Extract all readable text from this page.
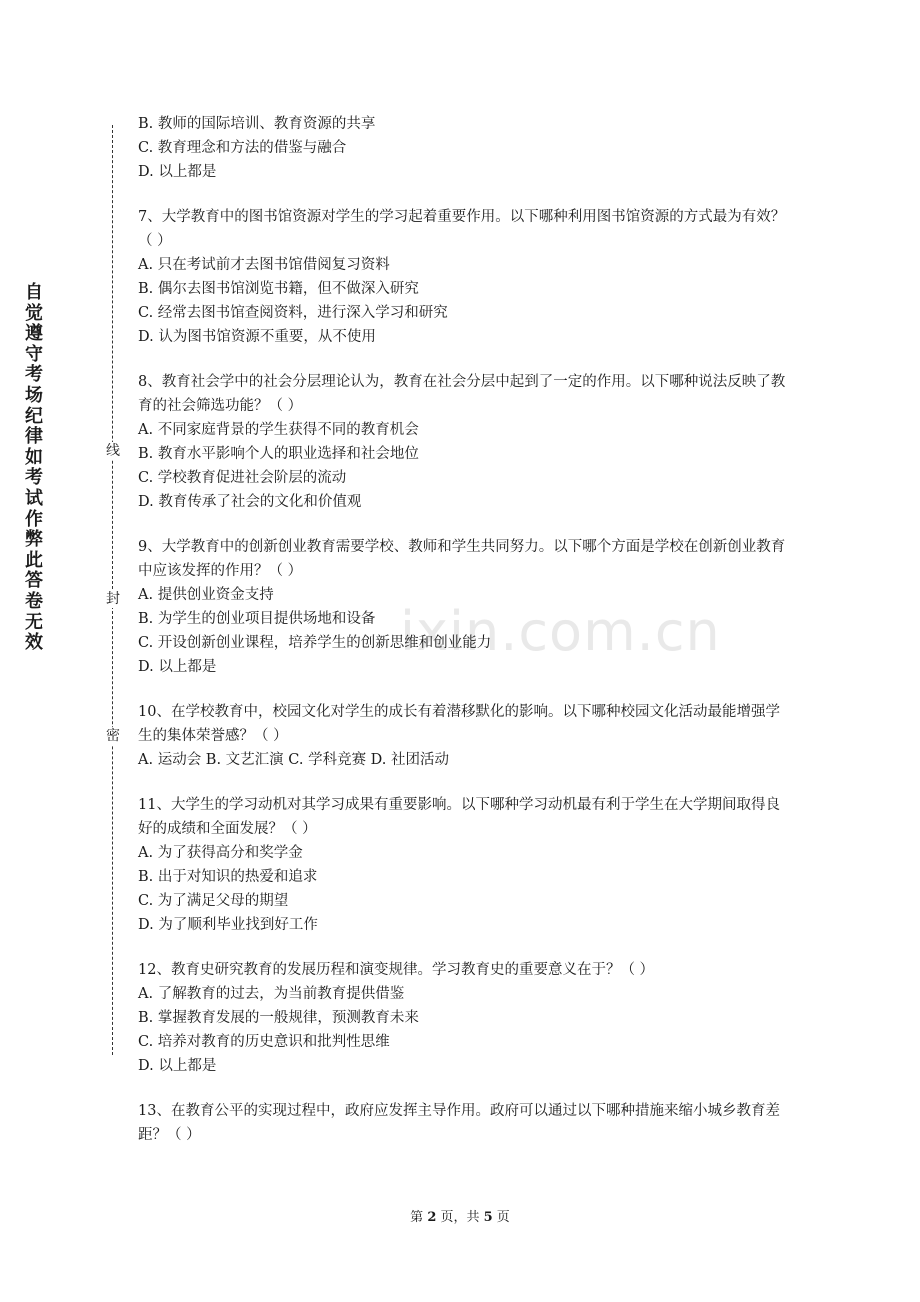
自觉遵守考场纪律如考试作弊此答卷无效
线
封
密
ixin.com.cn
B. 教师的国际培训、教育资源的共享
C. 教育理念和方法的借鉴与融合
D. 以上都是
7、大学教育中的图书馆资源对学生的学习起着重要作用。以下哪种利用图书馆资源的方式最为有效？（ ）
A. 只在考试前才去图书馆借阅复习资料
B. 偶尔去图书馆浏览书籍，但不做深入研究
C. 经常去图书馆查阅资料，进行深入学习和研究
D. 认为图书馆资源不重要，从不使用
8、教育社会学中的社会分层理论认为，教育在社会分层中起到了一定的作用。以下哪种说法反映了教育的社会筛选功能？（ ）
A. 不同家庭背景的学生获得不同的教育机会
B. 教育水平影响个人的职业选择和社会地位
C. 学校教育促进社会阶层的流动
D. 教育传承了社会的文化和价值观
9、大学教育中的创新创业教育需要学校、教师和学生共同努力。以下哪个方面是学校在创新创业教育中应该发挥的作用？（ ）
A. 提供创业资金支持
B. 为学生的创业项目提供场地和设备
C. 开设创新创业课程，培养学生的创新思维和创业能力
D. 以上都是
10、在学校教育中，校园文化对学生的成长有着潜移默化的影响。以下哪种校园文化活动最能增强学生的集体荣誉感？（ ）
A. 运动会 B. 文艺汇演 C. 学科竞赛 D. 社团活动
11、大学生的学习动机对其学习成果有重要影响。以下哪种学习动机最有利于学生在大学期间取得良好的成绩和全面发展？（ ）
A. 为了获得高分和奖学金
B. 出于对知识的热爱和追求
C. 为了满足父母的期望
D. 为了顺利毕业找到好工作
12、教育史研究教育的发展历程和演变规律。学习教育史的重要意义在于？（ ）
A. 了解教育的过去，为当前教育提供借鉴
B. 掌握教育发展的一般规律，预测教育未来
C. 培养对教育的历史意识和批判性思维
D. 以上都是
13、在教育公平的实现过程中，政府应发挥主导作用。政府可以通过以下哪种措施来缩小城乡教育差距？（ ）
第 2 页，共 5 页
